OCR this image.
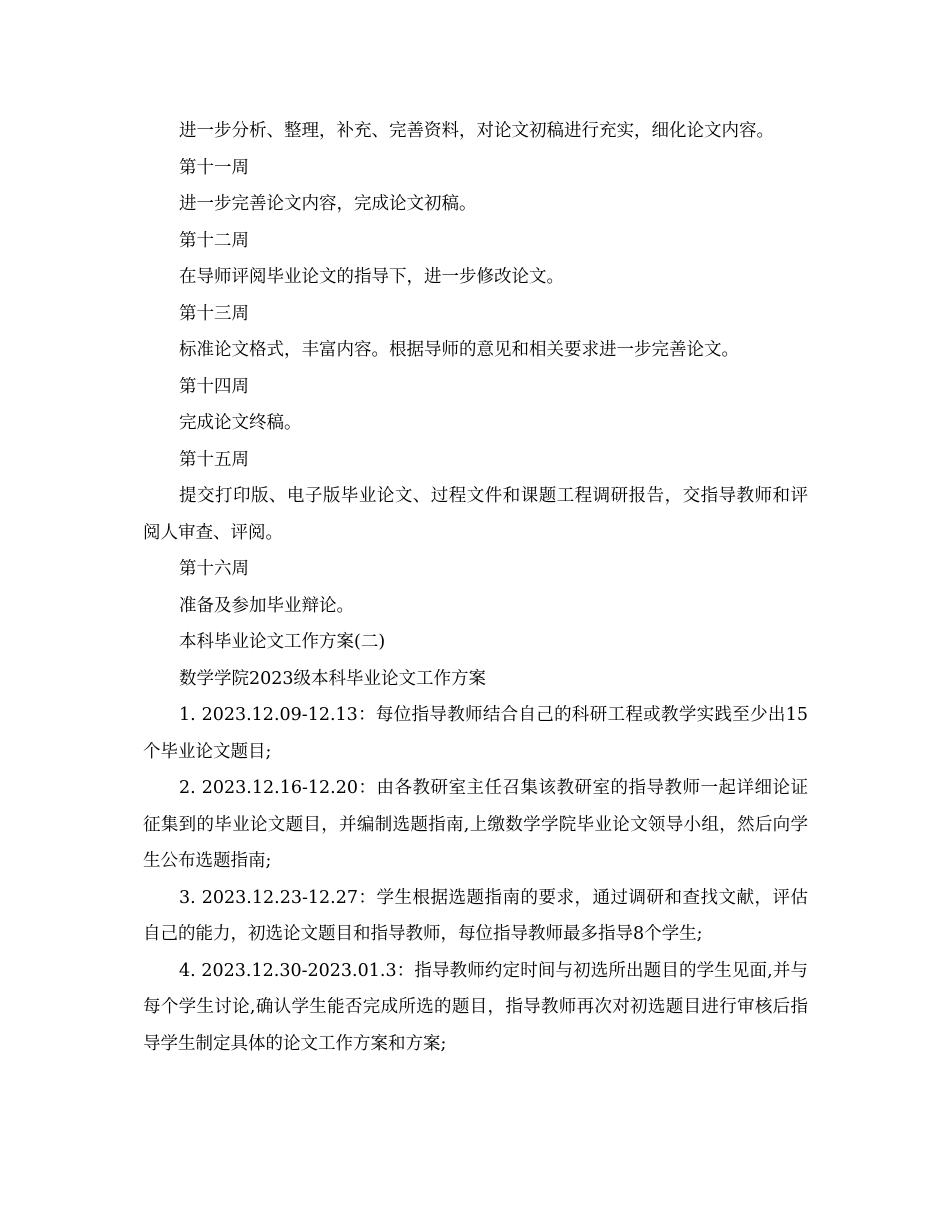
进一步分析、整理，补充、完善资料，对论文初稿进行充实，细化论文内容。

第十一周

进一步完善论文内容，完成论文初稿。

第十二周

在导师评阅毕业论文的指导下，进一步修改论文。

第十三周

标准论文格式，丰富内容。根据导师的意见和相关要求进一步完善论文。

第十四周

完成论文终稿。

第十五周

提交打印版、电子版毕业论文、过程文件和课题工程调研报告，交指导教师和评阅人审查、评阅。

第十六周

准备及参加毕业辩论。

本科毕业论文工作方案(二)

数学学院2023级本科毕业论文工作方案

1. 2023.12.09-12.13：每位指导教师结合自己的科研工程或教学实践至少出15个毕业论文题目;

2. 2023.12.16-12.20：由各教研室主任召集该教研室的指导教师一起详细论证征集到的毕业论文题目，并编制选题指南,上缴数学学院毕业论文领导小组，然后向学生公布选题指南;

3. 2023.12.23-12.27：学生根据选题指南的要求，通过调研和查找文献，评估自己的能力，初选论文题目和指导教师，每位指导教师最多指导8个学生;

4. 2023.12.30-2023.01.3：指导教师约定时间与初选所出题目的学生见面,并与每个学生讨论,确认学生能否完成所选的题目，指导教师再次对初选题目进行审核后指导学生制定具体的论文工作方案和方案;
